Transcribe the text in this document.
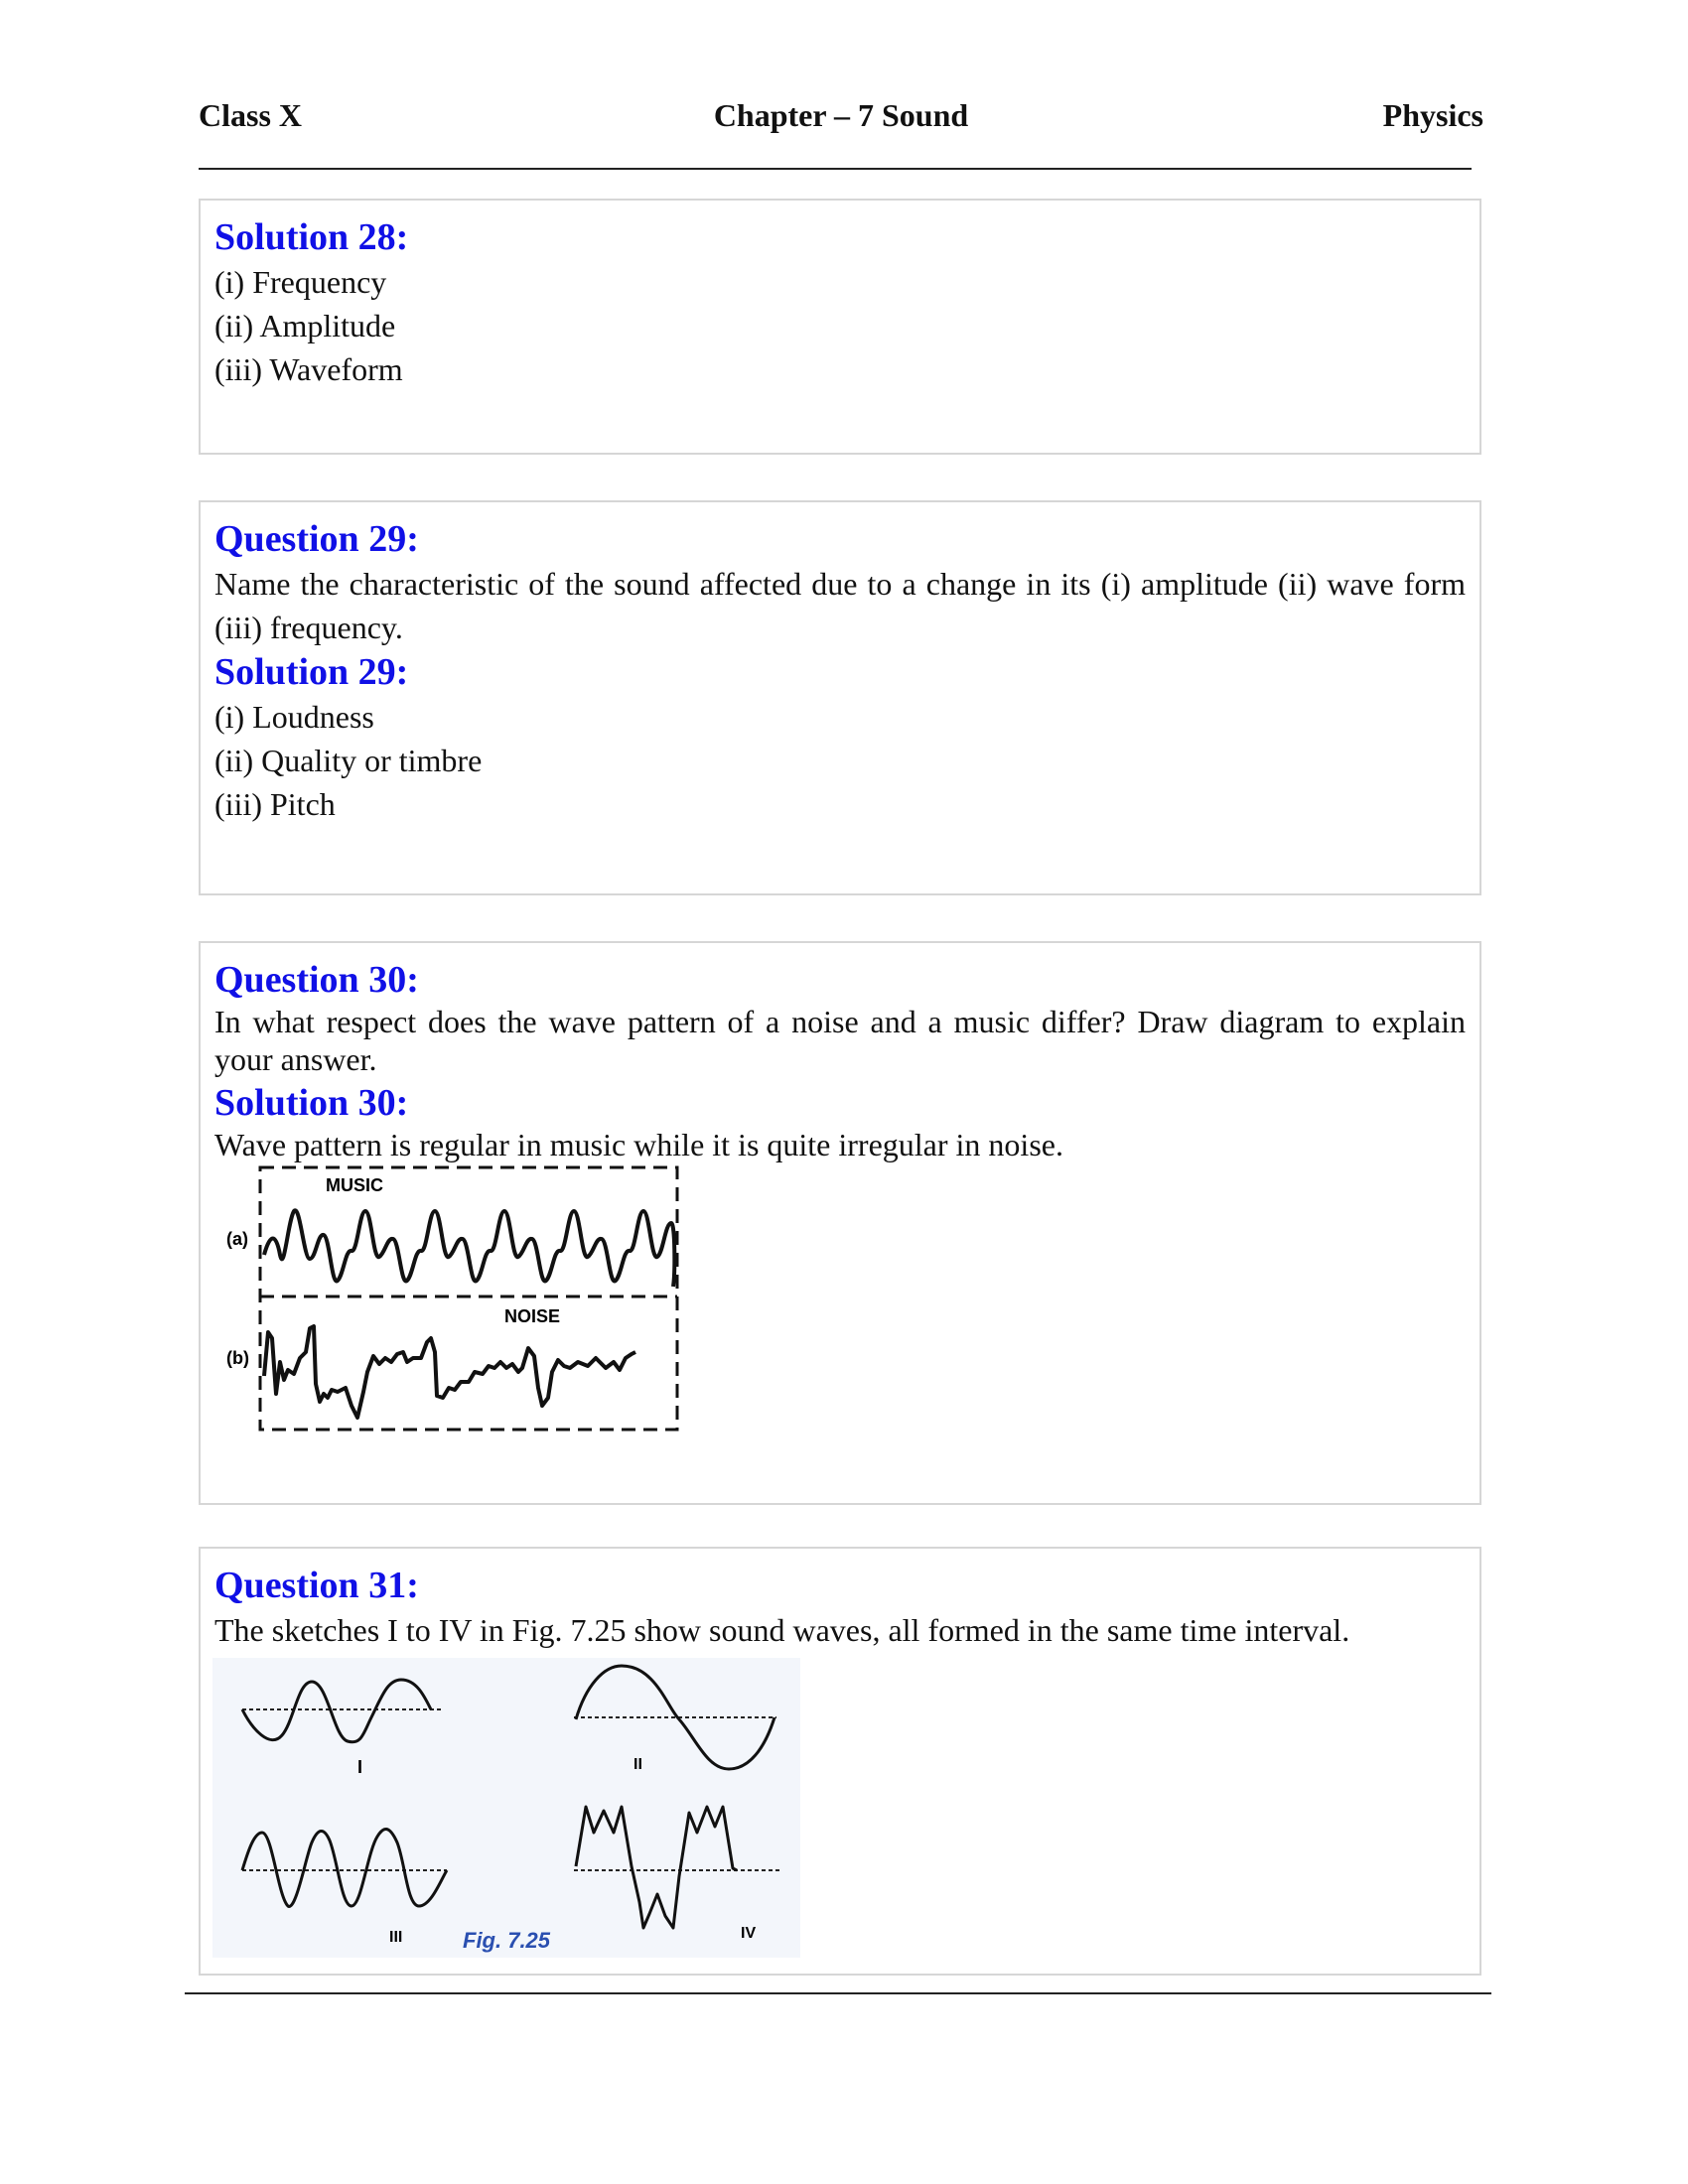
Class X	Chapter – 7 Sound	Physics
Solution 28:
(i) Frequency
(ii) Amplitude
(iii) Waveform
Question 29:
Name the characteristic of the sound affected due to a change in its (i) amplitude (ii) wave form (iii) frequency.
Solution 29:
(i) Loudness
(ii) Quality or timbre
(iii) Pitch
Question 30:
In what respect does the wave pattern of a noise and a music differ? Draw diagram to explain your answer.
Solution 30:
Wave pattern is regular in music while it is quite irregular in noise.
(a)
(b)
MUSIC
NOISE
Question 31:
The sketches I to IV in Fig. 7.25 show sound waves, all formed in the same time interval.
I	II
III	IV
Fig. 7.25
